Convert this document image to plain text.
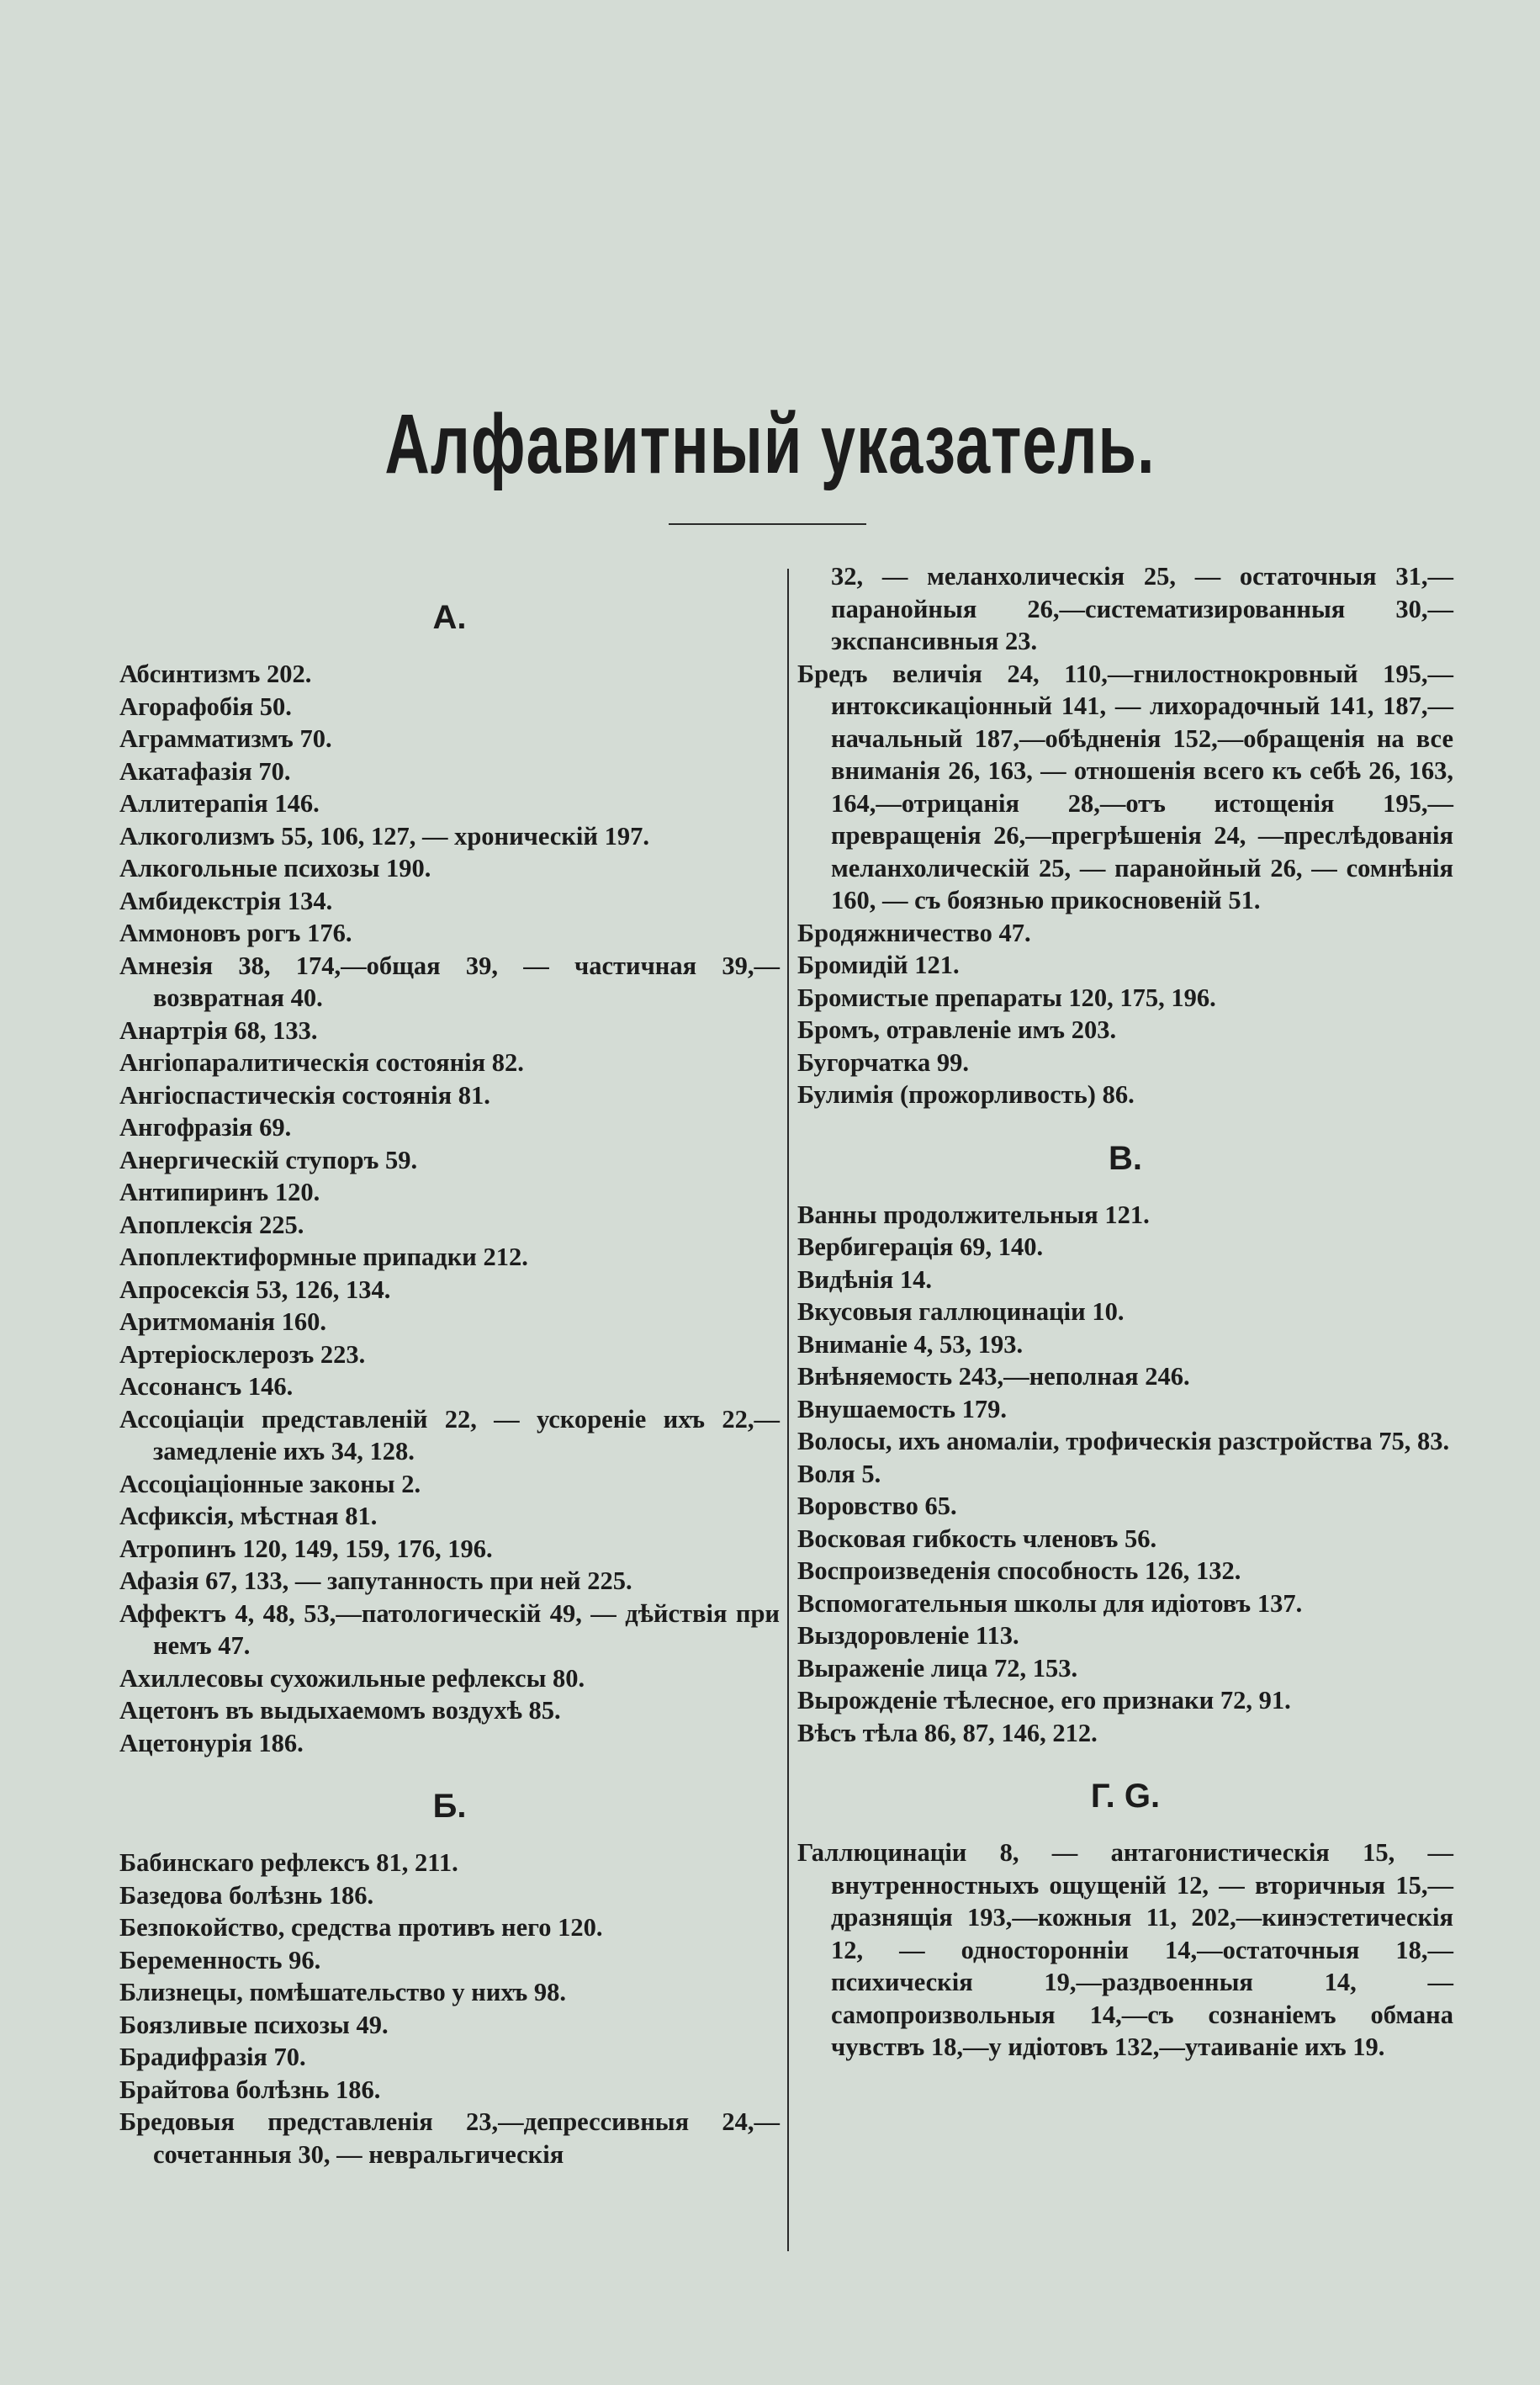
Алфавитный указатель.
А.
Абсинтизмъ 202.
Агорафобія 50.
Аграмматизмъ 70.
Акатафазія 70.
Аллитерапія 146.
Алкоголизмъ 55, 106, 127, — хроническій 197.
Алкогольные психозы 190.
Амбидекстрія 134.
Аммоновъ рогъ 176.
Амнезія 38, 174,—общая 39, — частичная 39,—возвратная 40.
Анартрія 68, 133.
Ангіопаралитическія состоянія 82.
Ангіоспастическія состоянія 81.
Ангофразія 69.
Анергическій ступоръ 59.
Антипиринъ 120.
Апоплексія 225.
Апоплектиформные припадки 212.
Апросексія 53, 126, 134.
Аритмоманія 160.
Артеріосклерозъ 223.
Ассонансъ 146.
Ассоціаціи представленій 22, — ускореніе ихъ 22,—замедленіе ихъ 34, 128.
Ассоціаціонные законы 2.
Асфиксія, мѣстная 81.
Атропинъ 120, 149, 159, 176, 196.
Афазія 67, 133, — запутанность при ней 225.
Аффектъ 4, 48, 53,—патологическій 49, — дѣйствія при немъ 47.
Ахиллесовы сухожильные рефлексы 80.
Ацетонъ въ выдыхаемомъ воздухѣ 85.
Ацетонурія 186.
Б.
Бабинскаго рефлексъ 81, 211.
Базедова болѣзнь 186.
Безпокойство, средства противъ него 120.
Беременность 96.
Близнецы, помѣшательство у нихъ 98.
Боязливые психозы 49.
Брадифразія 70.
Брайтова болѣзнь 186.
Бредовыя представленія 23,—депрессивныя 24,—сочетанныя 30, — невральгическія
32, — меланхолическія 25, — остаточныя 31,—паранойныя 26,—систематизированныя 30,—экспансивныя 23.
Бредъ величія 24, 110,—гнилостнокровный 195,—интоксикаціонный 141, — лихорадочный 141, 187,—начальный 187,—обѣдненія 152,—обращенія на все вниманія 26, 163, — отношенія всего къ себѣ 26, 163, 164,—отрицанія 28,—отъ истощенія 195,—превращенія 26,—прегрѣшенія 24, —преслѣдованія меланхолическій 25, — паранойный 26, — сомнѣнія 160, — съ боязнью прикосновеній 51.
Бродяжничество 47.
Бромидій 121.
Бромистые препараты 120, 175, 196.
Бромъ, отравленіе имъ 203.
Бугорчатка 99.
Булимія (прожорливость) 86.
В.
Ванны продолжительныя 121.
Вербигерація 69, 140.
Видѣнія 14.
Вкусовыя галлюцинаціи 10.
Вниманіе 4, 53, 193.
Внѣняемость 243,—неполная 246.
Внушаемость 179.
Волосы, ихъ аномаліи, трофическія разстройства 75, 83.
Воля 5.
Воровство 65.
Восковая гибкость членовъ 56.
Воспроизведенія способность 126, 132.
Вспомогательныя школы для идіотовъ 137.
Выздоровленіе 113.
Выраженіе лица 72, 153.
Вырожденіе тѣлесное, его признаки 72, 91.
Вѣсъ тѣла 86, 87, 146, 212.
Г. G.
Галлюцинаціи 8, — антагонистическія 15, — внутренностныхъ ощущеній 12, — вторичныя 15,—дразнящія 193,—кожныя 11, 202,—кинэстетическія 12, — односторонніи 14,—остаточныя 18,—психическія 19,—раздвоенныя 14, — самопроизвольныя 14,—съ сознаніемъ обмана чувствъ 18,—у идіотовъ 132,—утаиваніе ихъ 19.
